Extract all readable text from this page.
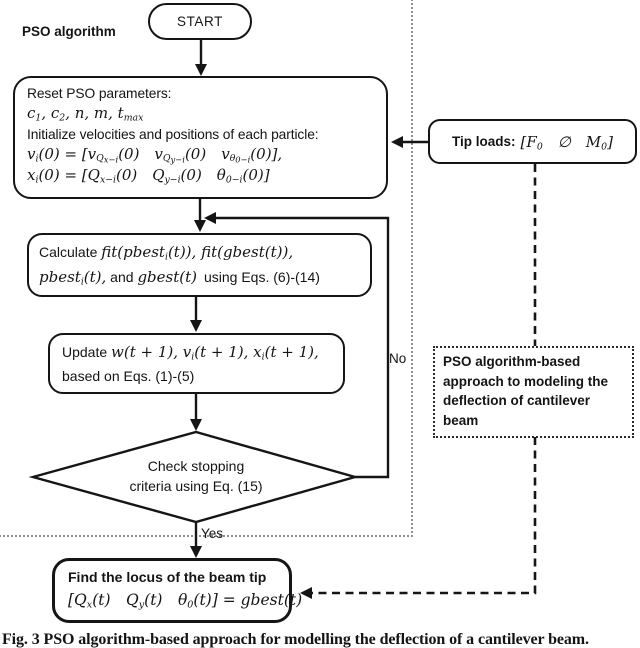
PSO algorithm
START
Reset PSO parameters:
$c_1$, $c_2$, n, m, $t_{max}$
Initialize velocities and positions of each particle:
$v_i(0) = [v_{Q_{x-i}}(0)$  $v_{Q_{y-i}}(0)$  $v_{\theta_{0-i}}(0)$],
$x_i(0) = [Q_{x-i}(0)$  $Q_{y-i}(0)$  $\theta_{0-i}(0)$]
Tip loads: [$F_0$ ∅ $M_0$]
Calculate fit(pbest$_i$(t)), fit(gbest(t)),
pbest$_i$(t), and gbest(t) using Eqs. (6)-(14)
Update w(t + 1), $v_i(t + 1)$, $x_i(t + 1)$,
based on Eqs. (1)-(5)
Check stopping
criteria using Eq. (15)
No
Yes
Find the locus of the beam tip
[$Q_x(t)$  $Q_y(t)$  $\theta_0(t)$] = gbest(t)
PSO algorithm-based
approach to modeling the
deflection of cantilever
beam
Fig. 3 PSO algorithm-based approach for modelling the deflection of a cantilever beam.
